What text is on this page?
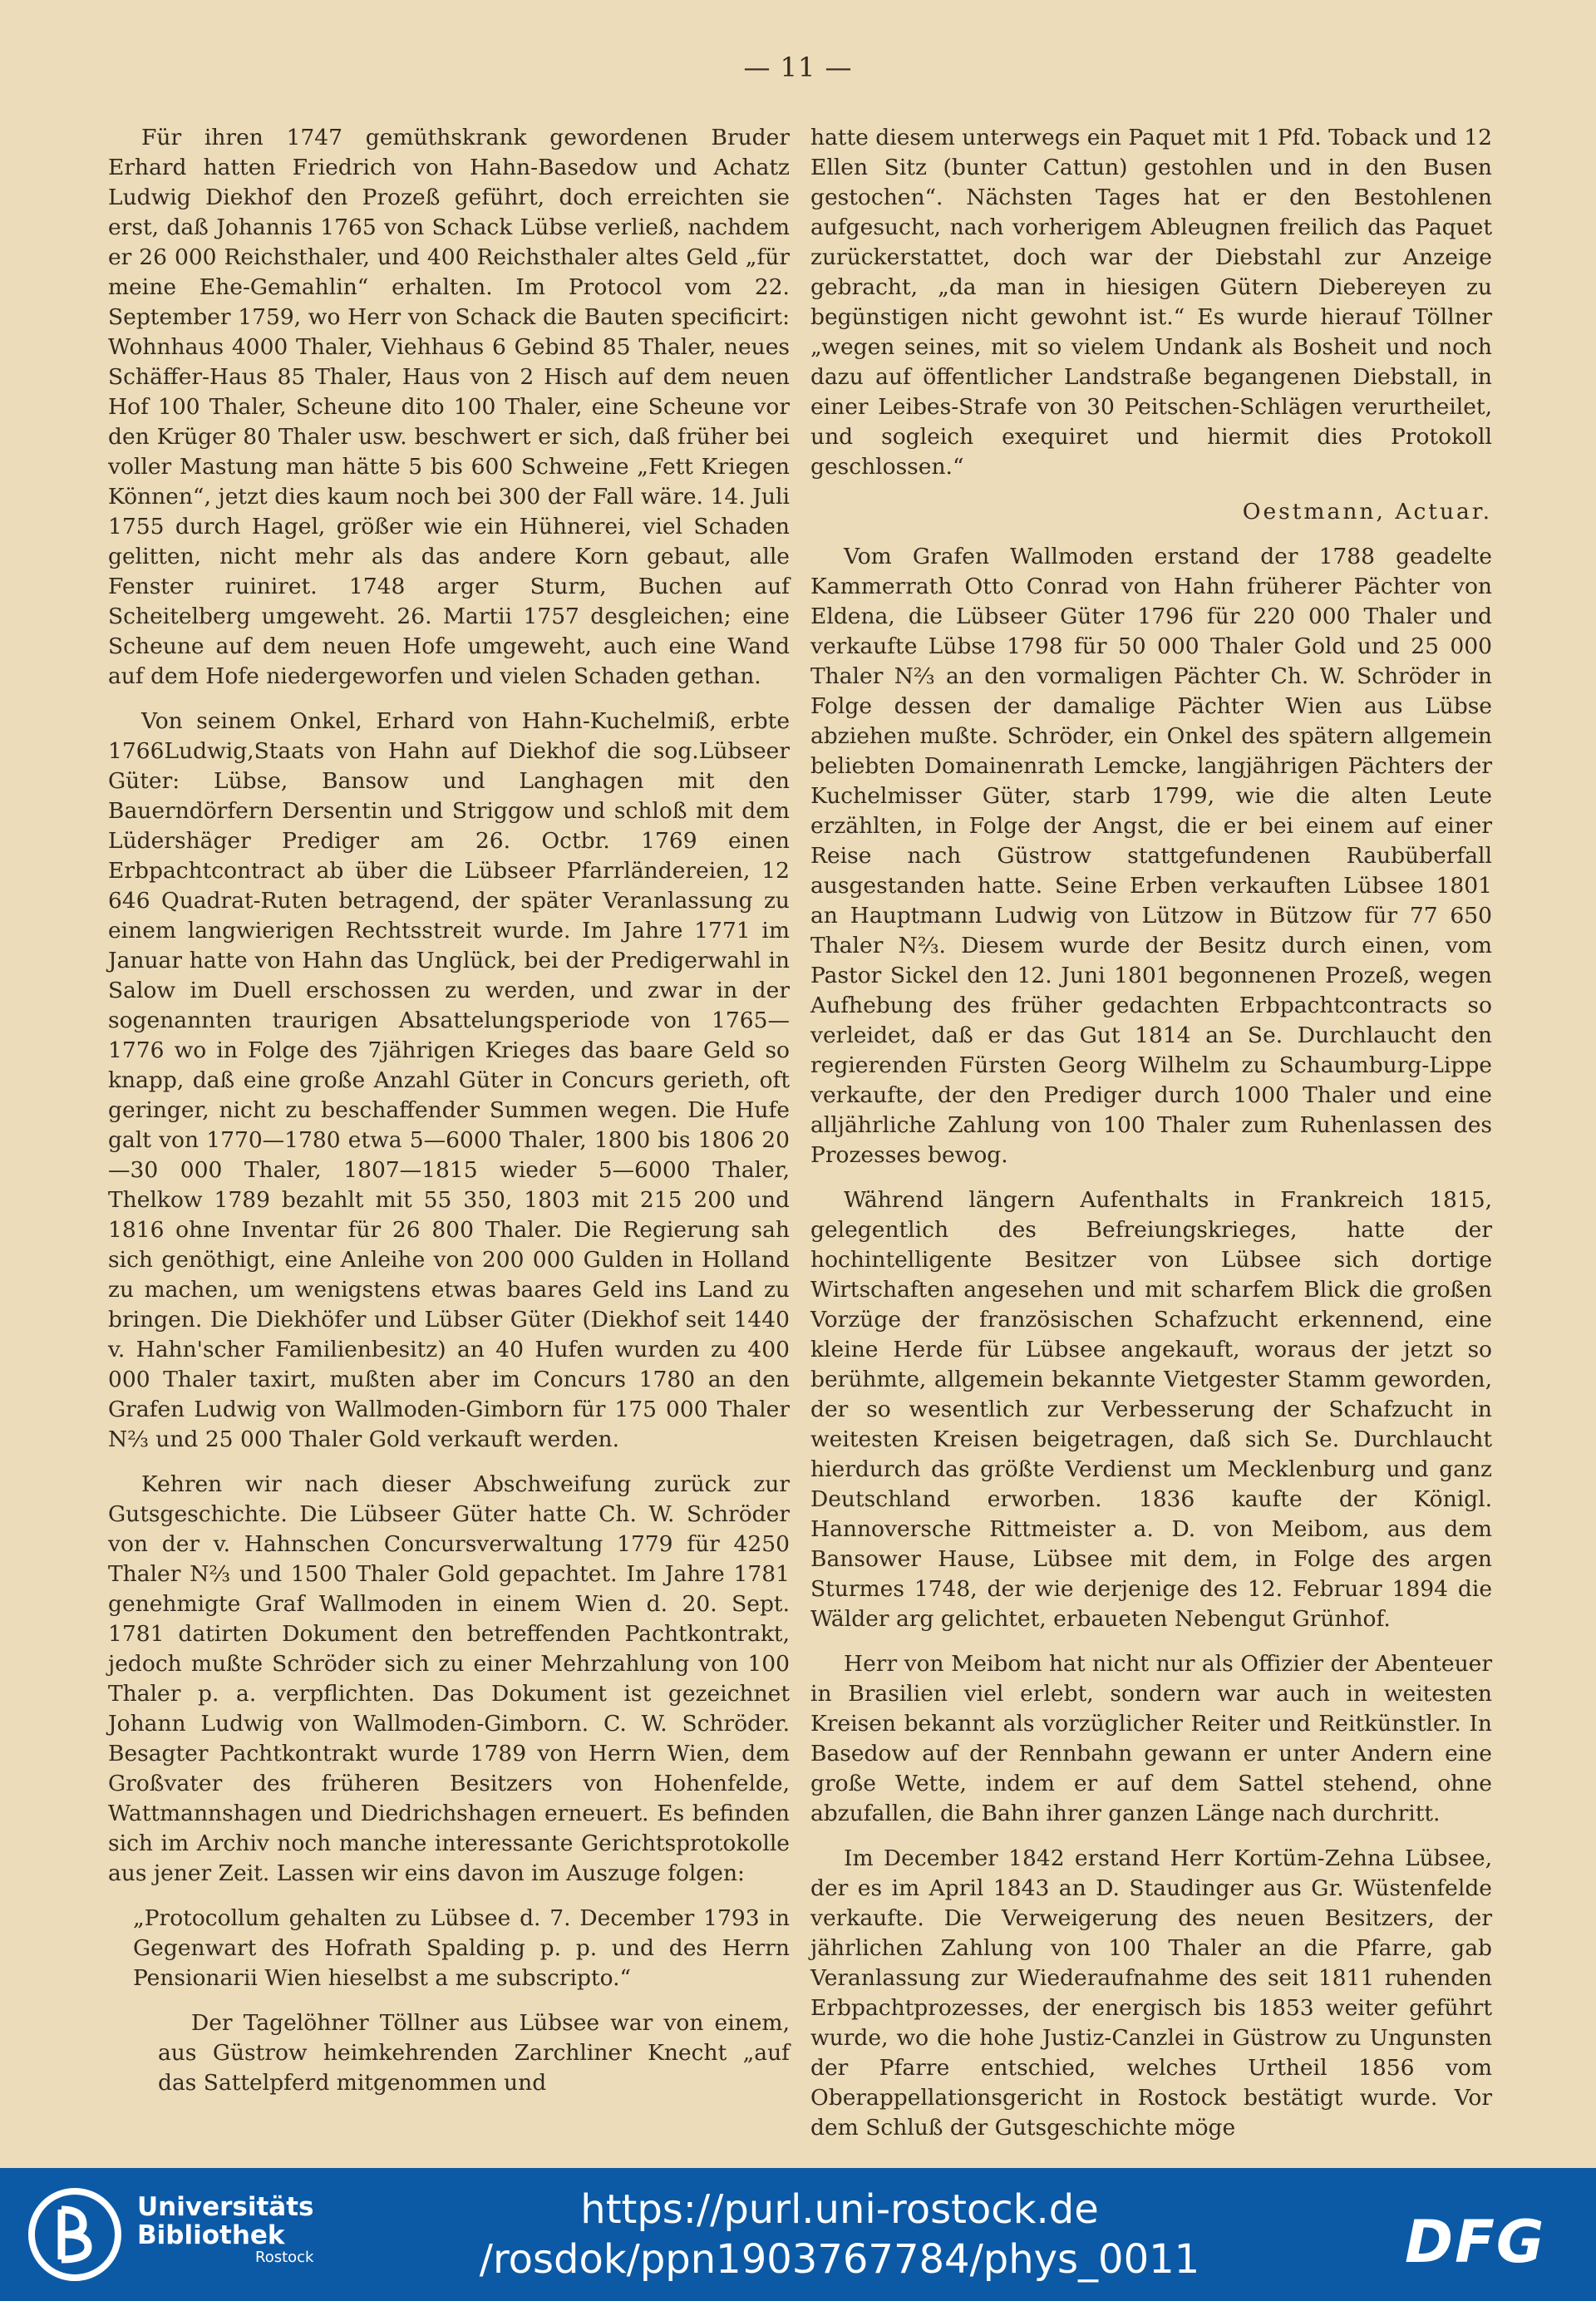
— 11 —

Für ihren 1747 gemüthskrank gewordenen Bruder Erhard hatten Friedrich von Hahn-Basedow und Achatz Ludwig Diekhof den Prozeß geführt, doch erreichten sie erst, daß Johannis 1765 von Schack Lübse verließ, nachdem er 26 000 Reichsthaler, und 400 Reichsthaler altes Geld „für meine Ehe-Gemahlin“ erhalten. Im Protocol vom 22. September 1759, wo Herr von Schack die Bauten specificirt: Wohnhaus 4000 Thaler, Viehhaus 6 Gebind 85 Thaler, neues Schäffer-Haus 85 Thaler, Haus von 2 Hisch auf dem neuen Hof 100 Thaler, Scheune dito 100 Thaler, eine Scheune vor den Krüger 80 Thaler usw. beschwert er sich, daß früher bei voller Mastung man hätte 5 bis 600 Schweine „Fett Kriegen Können“, jetzt dies kaum noch bei 300 der Fall wäre. 14. Juli 1755 durch Hagel, größer wie ein Hühnerei, viel Schaden gelitten, nicht mehr als das andere Korn gebaut, alle Fenster ruiniret. 1748 arger Sturm, Buchen auf Scheitelberg umgeweht. 26. Martii 1757 desgleichen; eine Scheune auf dem neuen Hofe umgeweht, auch eine Wand auf dem Hofe niedergeworfen und vielen Schaden gethan.

Von seinem Onkel, Erhard von Hahn-Kuchelmiß, erbte 1766Ludwig,Staats von Hahn auf Diekhof die sog.Lübseer Güter: Lübse, Bansow und Langhagen mit den Bauerndörfern Dersentin und Striggow und schloß mit dem Lüdershäger Prediger am 26. Octbr. 1769 einen Erbpachtcontract ab über die Lübseer Pfarrländereien, 12 646 Quadrat-Ruten betragend, der später Veranlassung zu einem langwierigen Rechtsstreit wurde. Im Jahre 1771 im Januar hatte von Hahn das Unglück, bei der Predigerwahl in Salow im Duell erschossen zu werden, und zwar in der sogenannten traurigen Absattelungsperiode von 1765—1776 wo in Folge des 7jährigen Krieges das baare Geld so knapp, daß eine große Anzahl Güter in Concurs gerieth, oft geringer, nicht zu beschaffender Summen wegen. Die Hufe galt von 1770—1780 etwa 5—6000 Thaler, 1800 bis 1806 20—30 000 Thaler, 1807—1815 wieder 5—6000 Thaler, Thelkow 1789 bezahlt mit 55 350, 1803 mit 215 200 und 1816 ohne Inventar für 26 800 Thaler. Die Regierung sah sich genöthigt, eine Anleihe von 200 000 Gulden in Holland zu machen, um wenigstens etwas baares Geld ins Land zu bringen. Die Diekhöfer und Lübser Güter (Diekhof seit 1440 v. Hahn'scher Familienbesitz) an 40 Hufen wurden zu 400 000 Thaler taxirt, mußten aber im Concurs 1780 an den Grafen Ludwig von Wallmoden-Gimborn für 175 000 Thaler N⅔ und 25 000 Thaler Gold verkauft werden.

Kehren wir nach dieser Abschweifung zurück zur Gutsgeschichte. Die Lübseer Güter hatte Ch. W. Schröder von der v. Hahnschen Concursverwaltung 1779 für 4250 Thaler N⅔ und 1500 Thaler Gold gepachtet. Im Jahre 1781 genehmigte Graf Wallmoden in einem Wien d. 20. Sept. 1781 datirten Dokument den betreffenden Pachtkontrakt, jedoch mußte Schröder sich zu einer Mehrzahlung von 100 Thaler p. a. verpflichten. Das Dokument ist gezeichnet Johann Ludwig von Wallmoden-Gimborn. C. W. Schröder. Besagter Pachtkontrakt wurde 1789 von Herrn Wien, dem Großvater des früheren Besitzers von Hohenfelde, Wattmannshagen und Diedrichshagen erneuert. Es befinden sich im Archiv noch manche interessante Gerichtsprotokolle aus jener Zeit. Lassen wir eins davon im Auszuge folgen:

„Protocollum gehalten zu Lübsee d. 7. December 1793 in Gegenwart des Hofrath Spalding p. p. und des Herrn Pensionarii Wien hieselbst a me subscripto.“

Der Tagelöhner Töllner aus Lübsee war von einem, aus Güstrow heimkehrenden Zarchliner Knecht „auf das Sattelpferd mitgenommen und

hatte diesem unterwegs ein Paquet mit 1 Pfd. Toback und 12 Ellen Sitz (bunter Cattun) gestohlen und in den Busen gestochen“. Nächsten Tages hat er den Bestohlenen aufgesucht, nach vorherigem Ableugnen freilich das Paquet zurückerstattet, doch war der Diebstahl zur Anzeige gebracht, „da man in hiesigen Gütern Diebereyen zu begünstigen nicht gewohnt ist.“ Es wurde hierauf Töllner „wegen seines, mit so vielem Undank als Bosheit und noch dazu auf öffentlicher Landstraße begangenen Diebstall, in einer Leibes-Strafe von 30 Peitschen-Schlägen verurtheilet, und sogleich exequiret und hiermit dies Protokoll geschlossen.“

Oestmann, Actuar.

Vom Grafen Wallmoden erstand der 1788 geadelte Kammerrath Otto Conrad von Hahn früherer Pächter von Eldena, die Lübseer Güter 1796 für 220 000 Thaler und verkaufte Lübse 1798 für 50 000 Thaler Gold und 25 000 Thaler N⅔ an den vormaligen Pächter Ch. W. Schröder in Folge dessen der damalige Pächter Wien aus Lübse abziehen mußte. Schröder, ein Onkel des spätern allgemein beliebten Domainenrath Lemcke, langjährigen Pächters der Kuchelmisser Güter, starb 1799, wie die alten Leute erzählten, in Folge der Angst, die er bei einem auf einer Reise nach Güstrow stattgefundenen Raubüberfall ausgestanden hatte. Seine Erben verkauften Lübsee 1801 an Hauptmann Ludwig von Lützow in Bützow für 77 650 Thaler N⅔. Diesem wurde der Besitz durch einen, vom Pastor Sickel den 12. Juni 1801 begonnenen Prozeß, wegen Aufhebung des früher gedachten Erbpachtcontracts so verleidet, daß er das Gut 1814 an Se. Durchlaucht den regierenden Fürsten Georg Wilhelm zu Schaumburg-Lippe verkaufte, der den Prediger durch 1000 Thaler und eine alljährliche Zahlung von 100 Thaler zum Ruhenlassen des Prozesses bewog.

Während längern Aufenthalts in Frankreich 1815, gelegentlich des Befreiungskrieges, hatte der hochintelligente Besitzer von Lübsee sich dortige Wirtschaften angesehen und mit scharfem Blick die großen Vorzüge der französischen Schafzucht erkennend, eine kleine Herde für Lübsee angekauft, woraus der jetzt so berühmte, allgemein bekannte Vietgester Stamm geworden, der so wesentlich zur Verbesserung der Schafzucht in weitesten Kreisen beigetragen, daß sich Se. Durchlaucht hierdurch das größte Verdienst um Mecklenburg und ganz Deutschland erworben. 1836 kaufte der Königl. Hannoversche Rittmeister a. D. von Meibom, aus dem Bansower Hause, Lübsee mit dem, in Folge des argen Sturmes 1748, der wie derjenige des 12. Februar 1894 die Wälder arg gelichtet, erbaueten Nebengut Grünhof.

Herr von Meibom hat nicht nur als Offizier der Abenteuer in Brasilien viel erlebt, sondern war auch in weitesten Kreisen bekannt als vorzüglicher Reiter und Reitkünstler. In Basedow auf der Rennbahn gewann er unter Andern eine große Wette, indem er auf dem Sattel stehend, ohne abzufallen, die Bahn ihrer ganzen Länge nach durchritt.

Im December 1842 erstand Herr Kortüm-Zehna Lübsee, der es im April 1843 an D. Staudinger aus Gr. Wüstenfelde verkaufte. Die Verweigerung des neuen Besitzers, der jährlichen Zahlung von 100 Thaler an die Pfarre, gab Veranlassung zur Wiederaufnahme des seit 1811 ruhenden Erbpachtprozesses, der energisch bis 1853 weiter geführt wurde, wo die hohe Justiz-Canzlei in Güstrow zu Ungunsten der Pfarre entschied, welches Urtheil 1856 vom Oberappellationsgericht in Rostock bestätigt wurde. Vor dem Schluß der Gutsgeschichte möge

Universitäts
Bibliothek
Rostock
https://purl.uni-rostock.de
/rosdok/ppn1903767784/phys_0011	DFG
